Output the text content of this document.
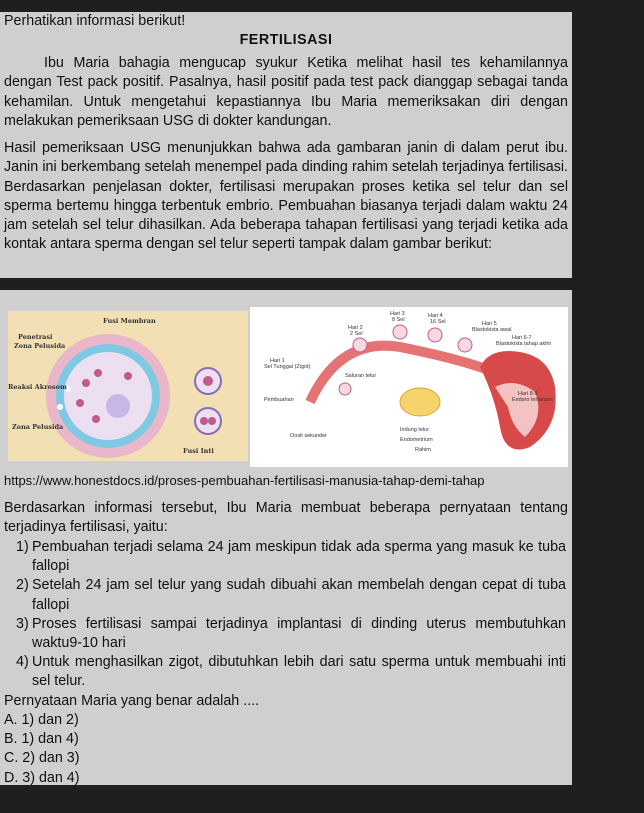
Perhatikan informasi berikut!
FERTILISASI
Ibu Maria bahagia mengucap syukur Ketika melihat hasil tes kehamilannya dengan Test pack positif. Pasalnya, hasil positif pada test pack dianggap sebagai tanda kehamilan. Untuk mengetahui kepastiannya Ibu Maria memeriksakan diri dengan melakukan pemeriksaan USG di dokter kandungan.
Hasil pemeriksaan USG menunjukkan bahwa ada gambaran janin di dalam perut ibu. Janin ini berkembang setelah menempel pada dinding rahim setelah terjadinya fertilisasi. Berdasarkan penjelasan dokter, fertilisasi merupakan proses ketika sel telur dan sel sperma bertemu hingga terbentuk embrio. Pembuahan biasanya terjadi dalam waktu 24 jam setelah sel telur dihasilkan. Ada beberapa tahapan fertilisasi yang terjadi ketika ada kontak antara sperma dengan sel telur seperti tampak dalam gambar berikut:
Fusi Membran
Penetrasi
Zona Pelusida
Reaksi Akrosom
Zona Pelusida
Fusi Inti
Hari 3
8 Sel
Hari 4
16 Sel
Hari 2
2 Sel
Hari 5
Blastokista awal
Hari 6-7
Blastokista tahap akhir
Hari 1
Sel Tunggal (Zigot)
Saluran telur
Pembuahan
Hari 8-9
Embrio tertanam
Indung telur
Endometrium
Oosit sekunder
Rahim
https://www.honestdocs.id/proses-pembuahan-fertilisasi-manusia-tahap-demi-tahap
Berdasarkan informasi tersebut, Ibu Maria membuat beberapa pernyataan tentang terjadinya fertilisasi, yaitu:
1) Pembuahan terjadi selama 24 jam meskipun tidak ada sperma yang masuk ke tuba fallopi
2) Setelah 24 jam sel telur yang sudah dibuahi akan membelah dengan cepat di tuba fallopi
3) Proses fertilisasi sampai terjadinya implantasi di dinding uterus membutuhkan waktu9-10 hari
4) Untuk menghasilkan zigot, dibutuhkan lebih dari satu sperma untuk membuahi inti sel telur.
Pernyataan Maria yang benar adalah ....
A. 1) dan 2)
B. 1) dan 4)
C. 2) dan 3)
D. 3) dan 4)
